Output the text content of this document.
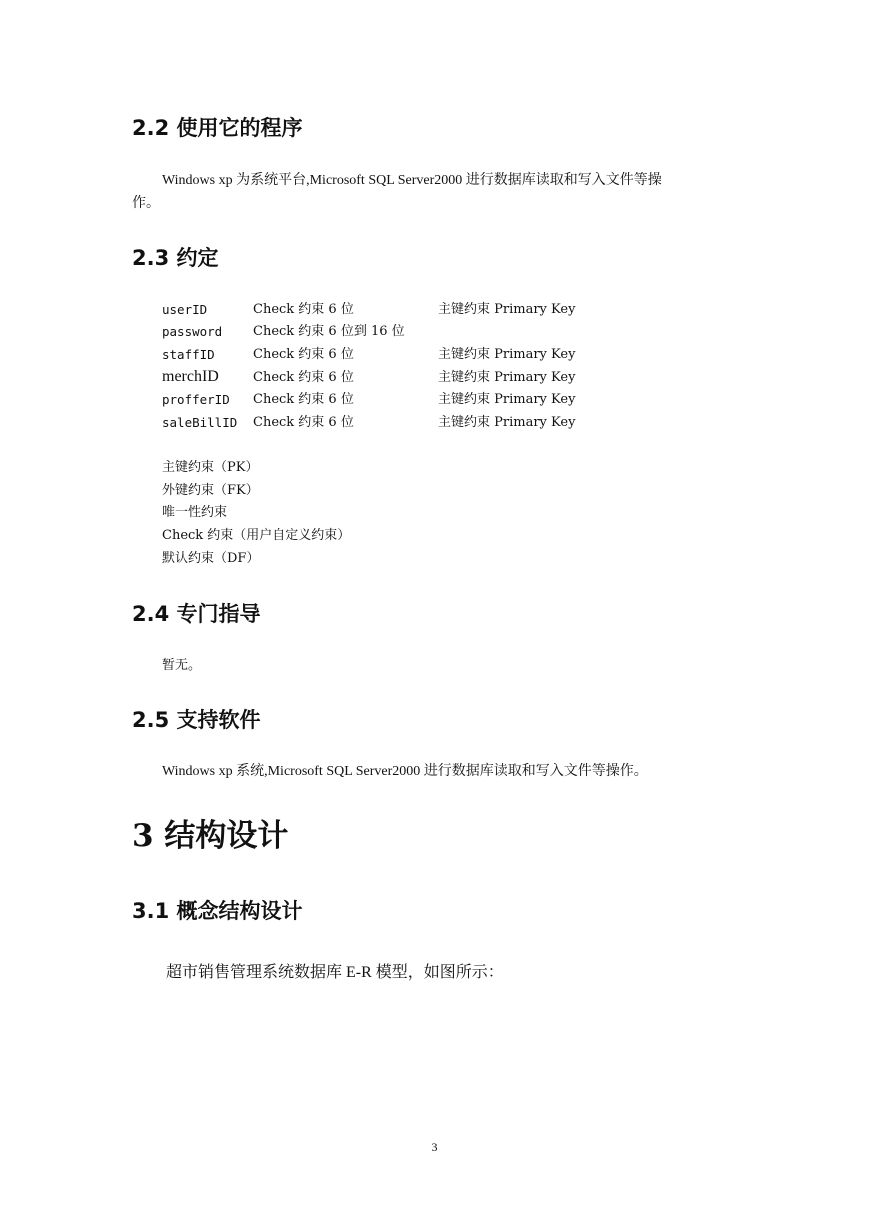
2.2 使用它的程序
Windows xp 为系统平台,Microsoft SQL Server2000 进行数据库读取和写入文件等操
作。
2.3 约定
userID	Check 约束 6 位	主键约束 Primary Key
password Check 约束 6 位到 16 位
staffID	Check 约束 6 位	主键约束 Primary Key
merchID	Check 约束 6 位	主键约束 Primary Key
profferID Check 约束 6 位	主键约束 Primary Key
saleBillID Check 约束 6 位	主键约束 Primary Key
主键约束（PK）
外键约束（FK）
唯一性约束
Check 约束（用户自定义约束）
默认约束（DF）
2.4 专门指导
暂无。
2.5 支持软件
Windows xp 系统,Microsoft SQL Server2000 进行数据库读取和写入文件等操作。
3 结构设计
3.1 概念结构设计
超市销售管理系统数据库 E-R 模型，如图所示：
3
